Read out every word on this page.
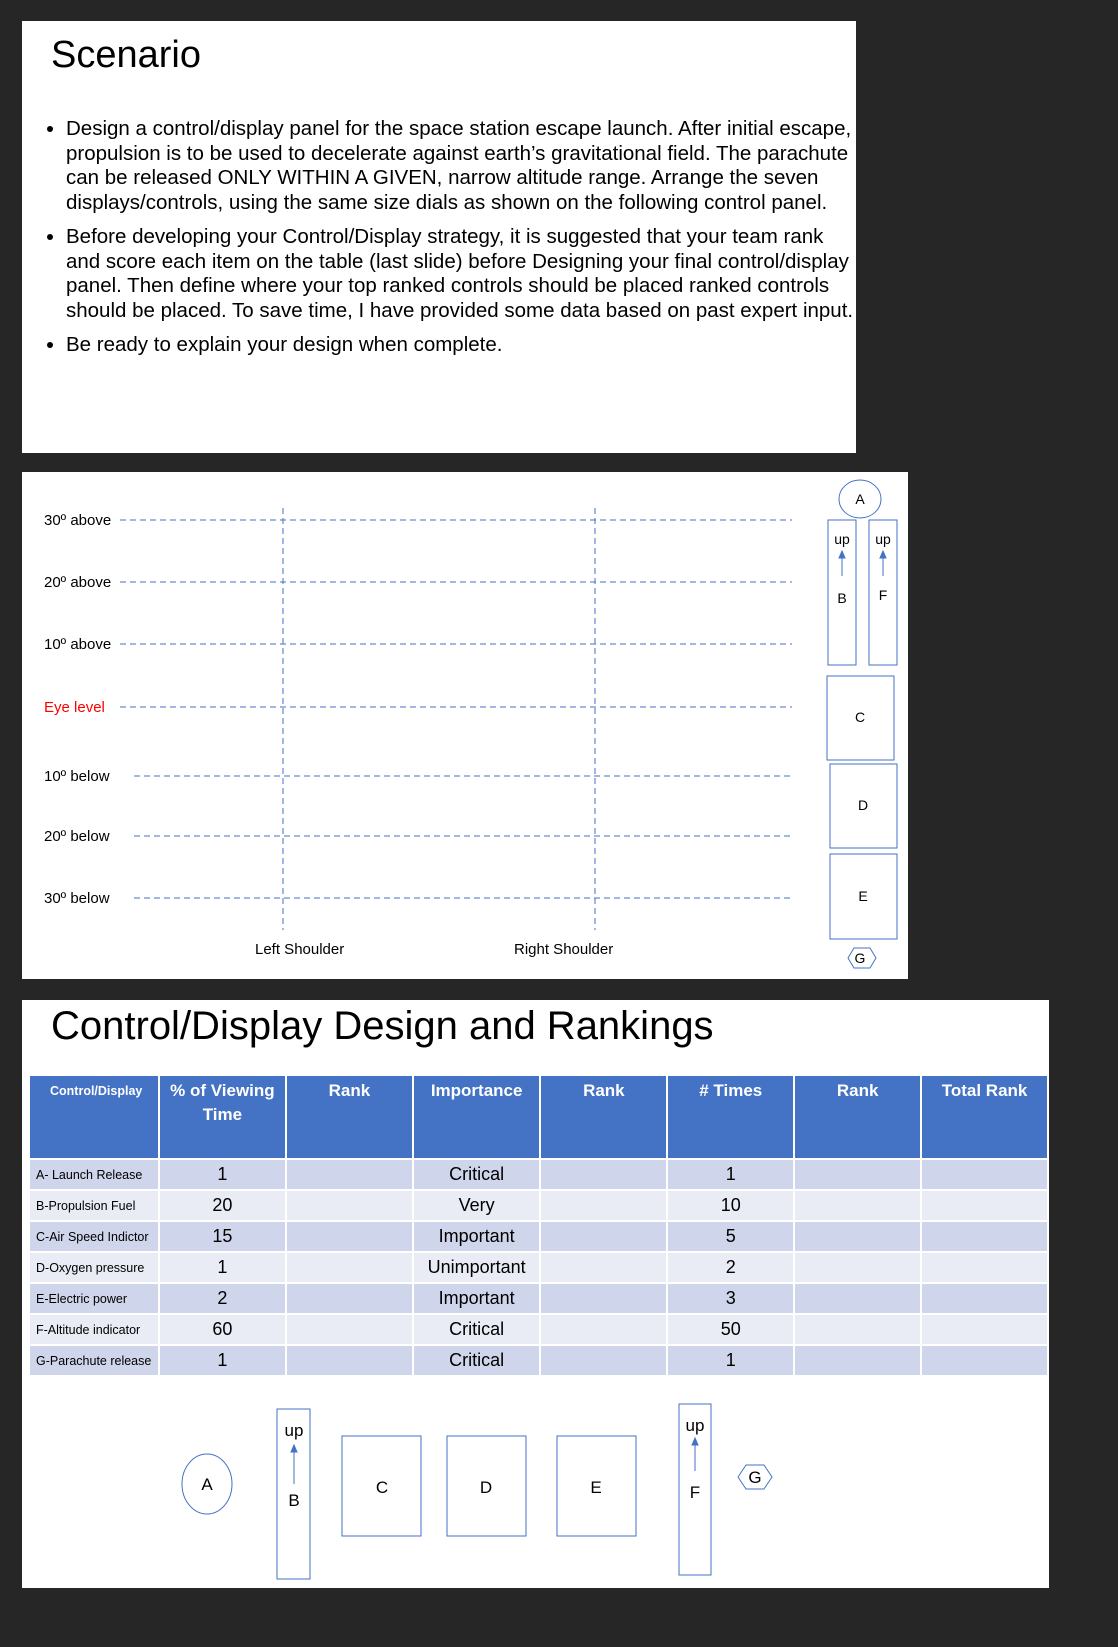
Scenario
• Design a control/display panel for the space station escape launch. After initial escape, propulsion is to be used to decelerate against earth’s gravitational field. The parachute can be released ONLY WITHIN A GIVEN, narrow altitude range. Arrange the seven displays/controls, using the same size dials as shown on the following control panel.
• Before developing your Control/Display strategy, it is suggested that your team rank and score each item on the table (last slide) before Designing your final control/display panel. Then define where your top ranked controls should be placed ranked controls should be placed. To save time, I have provided some data based on past expert input.
• Be ready to explain your design when complete.
30º above
20º above
10º above
Eye level
10º below
20º below
30º below
Left Shoulder	Right Shoulder
A
up up
B F
C
D
E
G
Control/Display Design and Rankings
Control/Display	% of Viewing Time	Rank	Importance	Rank	# Times	Rank	Total Rank
A- Launch Release	1		Critical		1		
B-Propulsion Fuel	20		Very		10		
C-Air Speed Indictor	15		Important		5		
D-Oxygen pressure	1		Unimportant		2		
E-Electric power	2		Important		3		
F-Altitude indicator	60		Critical		50		
G-Parachute release	1		Critical		1		
A
up
B
C	D	E
up
F
G
